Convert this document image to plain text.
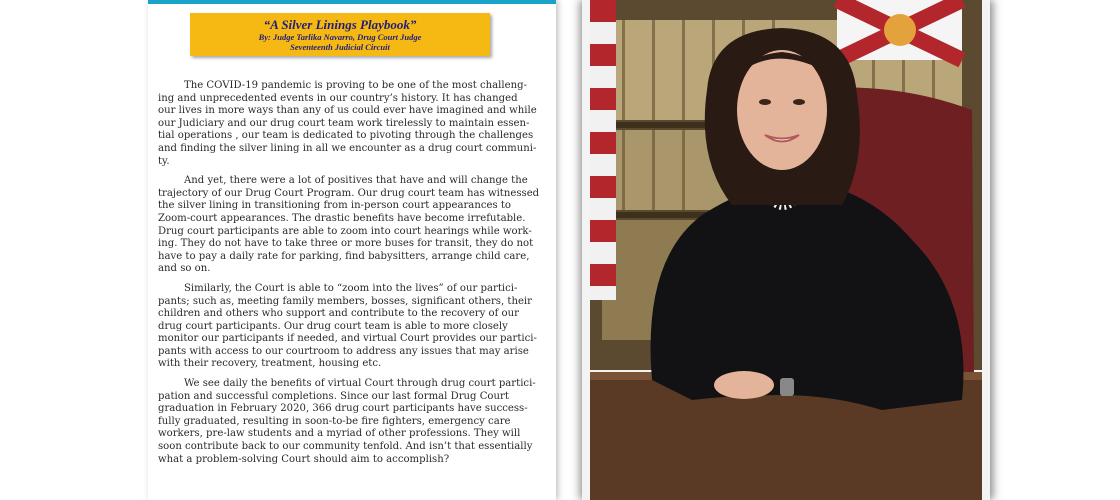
“A Silver Linings Playbook”
By: Judge Tarlika Navarro, Drug Court Judge
Seventeenth Judicial Circuit

The COVID-19 pandemic is proving to be one of the most challeng-
ing and unprecedented events in our country’s history. It has changed
our lives in more ways than any of us could ever have imagined and while
our Judiciary and our drug court team work tirelessly to maintain essen-
tial operations , our team is dedicated to pivoting through the challenges
and finding the silver lining in all we encounter as a drug court communi-
ty.

And yet, there were a lot of positives that have and will change the
trajectory of our Drug Court Program. Our drug court team has witnessed
the silver lining in transitioning from in-person court appearances to
Zoom-court appearances. The drastic benefits have become irrefutable.
Drug court participants are able to zoom into court hearings while work-
ing. They do not have to take three or more buses for transit, they do not
have to pay a daily rate for parking, find babysitters, arrange child care,
and so on.

Similarly, the Court is able to “zoom into the lives” of our partici-
pants; such as, meeting family members, bosses, significant others, their
children and others who support and contribute to the recovery of our
drug court participants. Our drug court team is able to more closely
monitor our participants if needed, and virtual Court provides our partici-
pants with access to our courtroom to address any issues that may arise
with their recovery, treatment, housing etc.

We see daily the benefits of virtual Court through drug court partici-
pation and successful completions. Since our last formal Drug Court
graduation in February 2020, 366 drug court participants have success-
fully graduated, resulting in soon-to-be fire fighters, emergency care
workers, pre-law students and a myriad of other professions. They will
soon contribute back to our community tenfold. And isn’t that essentially
what a problem-solving Court should aim to accomplish?
